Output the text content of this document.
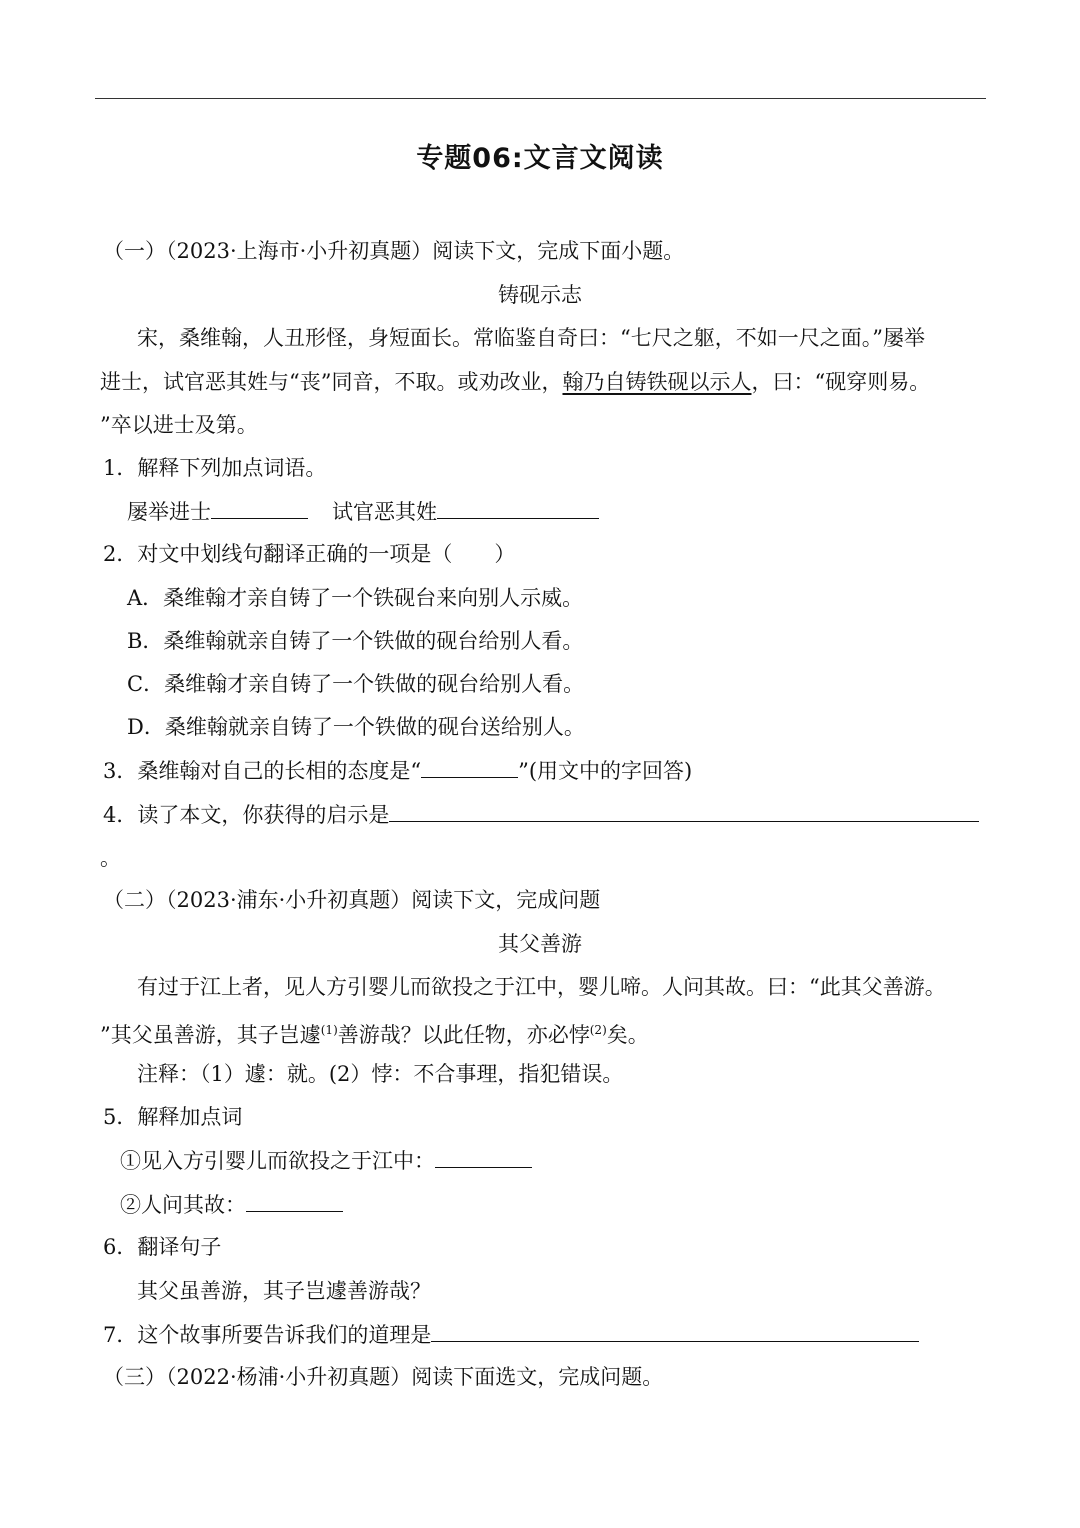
专题06:文言文阅读
（一）（2023·上海市·小升初真题）阅读下文，完成下面小题。
铸砚示志
宋，桑维翰，人丑形怪，身短面长。常临鉴自奇曰：“七尺之躯，不如一尺之面。”屡举
进士，试官恶其姓与“丧”同音，不取。或劝改业，翰乃自铸铁砚以示人，曰：“砚穿则易。
”卒以进士及第。
1．解释下列加点词语。
屡举进士	试官恶其姓
2．对文中划线句翻译正确的一项是（　　）
A．桑维翰才亲自铸了一个铁砚台来向别人示威。
B．桑维翰就亲自铸了一个铁做的砚台给别人看。
C．桑维翰才亲自铸了一个铁做的砚台给别人看。
D．桑维翰就亲自铸了一个铁做的砚台送给别人。
3．桑维翰对自己的长相的态度是“	”(用文中的字回答)
4．读了本文，你获得的启示是
。
（二）（2023·浦东·小升初真题）阅读下文，完成问题
其父善游
有过于江上者，见人方引婴儿而欲投之于江中，婴儿啼。人问其故。曰：“此其父善游。
”其父虽善游，其子岂遽$^{(1)}$善游哉？以此任物，亦必悖$^{(2)}$矣。
注释：（1）遽：就。(2）悖：不合事理，指犯错误。
5．解释加点词
①见入方引婴儿而欲投之于江中：
②人问其故：
6．翻译句子
其父虽善游，其子岂遽善游哉？
7．这个故事所要告诉我们的道理是
（三）（2022·杨浦·小升初真题）阅读下面选文，完成问题。
